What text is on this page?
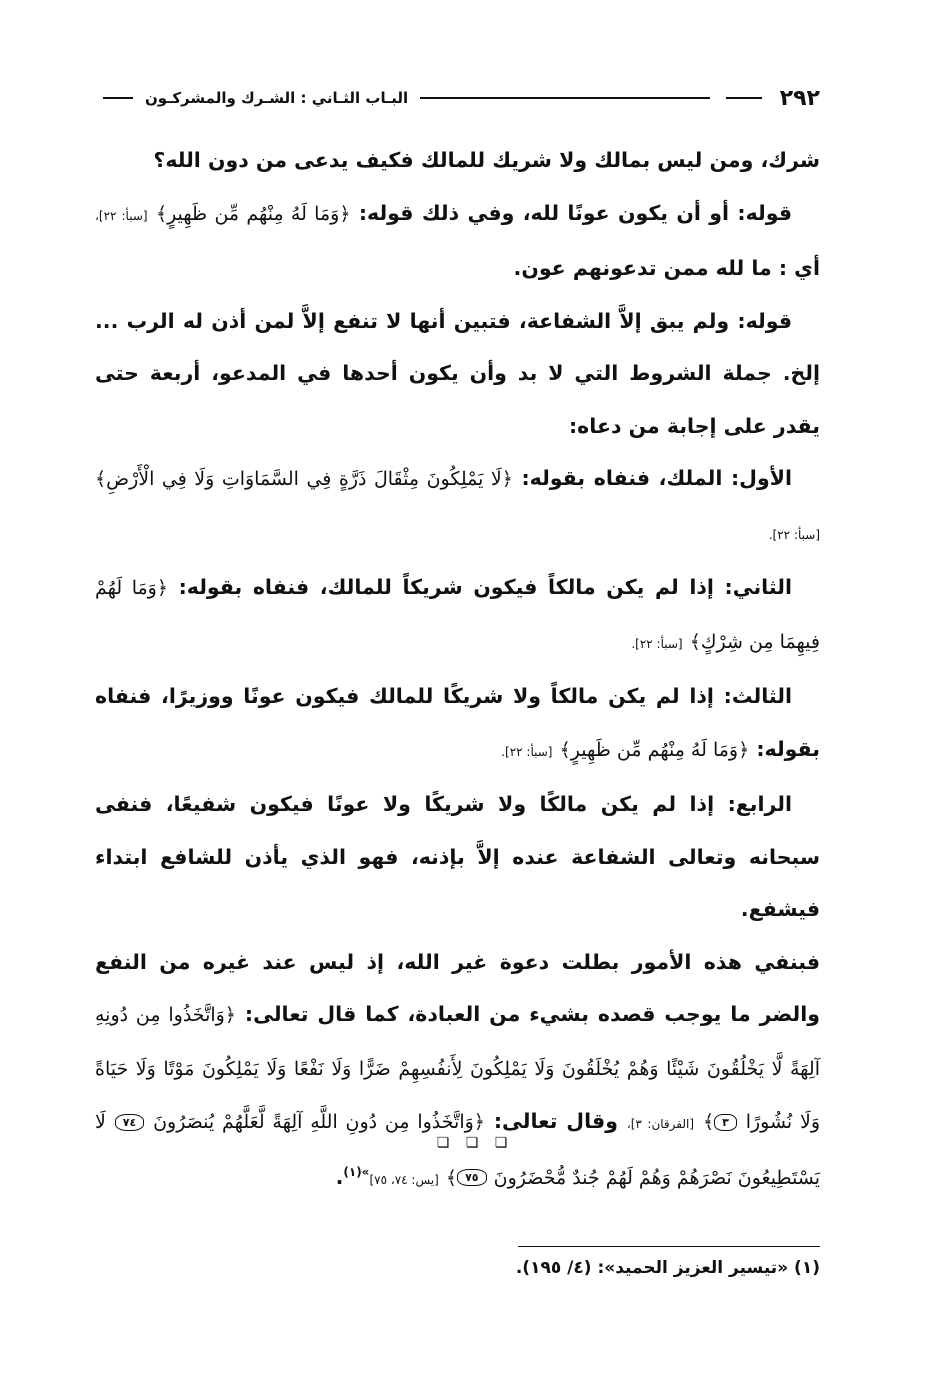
٢٩٢
البـاب الثـاني : الشـرك والمشركـون

شرك، ومن ليس بمالك ولا شريك للمالك فكيف يدعى من دون الله؟

قوله: أو أن يكون عونًا لله، وفي ذلك قوله: ﴿وَمَا لَهُ مِنْهُم مِّن ظَهِيرٍ﴾ [سبأ: ٢٢]، أي : ما لله ممن تدعونهم عون.

قوله: ولم يبق إلاَّ الشفاعة، فتبين أنها لا تنفع إلاَّ لمن أذن له الرب ... إلخ. جملة الشروط التي لا بد وأن يكون أحدها في المدعو، أربعة حتى يقدر على إجابة من دعاه:

الأول: الملك، فنفاه بقوله: ﴿لَا يَمْلِكُونَ مِثْقَالَ ذَرَّةٍ فِي السَّمَاوَاتِ وَلَا فِي الْأَرْضِ﴾ [سبأ: ٢٢].

الثاني: إذا لم يكن مالكاً فيكون شريكاً للمالك، فنفاه بقوله: ﴿وَمَا لَهُمْ فِيهِمَا مِن شِرْكٍ﴾ [سبأ: ٢٢].

الثالث: إذا لم يكن مالكاً ولا شريكًا للمالك فيكون عونًا ووزيرًا، فنفاه بقوله: ﴿وَمَا لَهُ مِنْهُم مِّن ظَهِيرٍ﴾ [سبأ: ٢٢].

الرابع: إذا لم يكن مالكًا ولا شريكًا ولا عونًا فيكون شفيعًا، فنفى سبحانه وتعالى الشفاعة عنده إلاَّ بإذنه، فهو الذي يأذن للشافع ابتداء فيشفع.

فبنفي هذه الأمور بطلت دعوة غير الله، إذ ليس عند غيره من النفع والضر ما يوجب قصده بشيء من العبادة، كما قال تعالى: ﴿وَاتَّخَذُوا مِن دُونِهِ آلِهَةً لَّا يَخْلُقُونَ شَيْئًا وَهُمْ يُخْلَقُونَ وَلَا يَمْلِكُونَ لِأَنفُسِهِمْ ضَرًّا وَلَا نَفْعًا وَلَا يَمْلِكُونَ مَوْتًا وَلَا حَيَاةً وَلَا نُشُورًا ٣﴾ [الفرقان: ٣]، وقال تعالى: ﴿وَاتَّخَذُوا مِن دُونِ اللَّهِ آلِهَةً لَّعَلَّهُمْ يُنصَرُونَ ٧٤ لَا يَسْتَطِيعُونَ نَصْرَهُمْ وَهُمْ لَهُمْ جُندٌ مُّحْضَرُونَ ٧٥﴾ [يس: ٧٤، ٧٥]$^{»(١)}$.

❏ ❏ ❏
(١) «تيسير العزيز الحميد»: (٤/ ١٩٥).
